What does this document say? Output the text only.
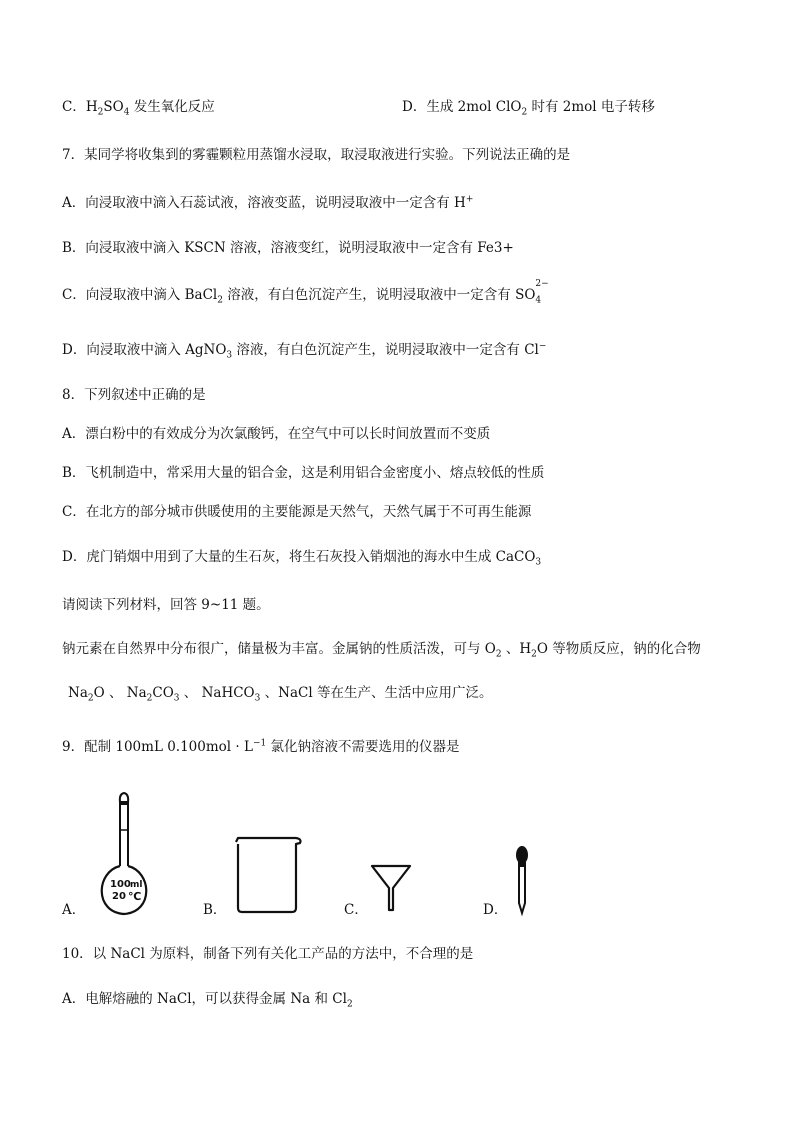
C．$H_2SO_4$ 发生氧化反应	D．生成 2mol ClO$_2$ 时有 2mol 电子转移
7．某同学将收集到的雾霾颗粒用蒸馏水浸取，取浸取液进行实验。下列说法正确的是
A．向浸取液中滴入石蕊试液，溶液变蓝，说明浸取液中一定含有 H+
B．向浸取液中滴入 KSCN 溶液，溶液变红，说明浸取液中一定含有 Fe3+
C．向浸取液中滴入 BaCl$_2$ 溶液，有白色沉淀产生，说明浸取液中一定含有 $SO_4$
2−
D．向浸取液中滴入 AgNO$_3$ 溶液，有白色沉淀产生，说明浸取液中一定含有 Cl−
8．下列叙述中正确的是
A．漂白粉中的有效成分为次氯酸钙，在空气中可以长时间放置而不变质
B．飞机制造中，常采用大量的铝合金，这是利用铝合金密度小、熔点较低的性质
C．在北方的部分城市供暖使用的主要能源是天然气，天然气属于不可再生能源
D．虎门销烟中用到了大量的生石灰，将生石灰投入销烟池的海水中生成 CaCO$_3$
请阅读下列材料，回答 9~11 题。
钠元素在自然界中分布很广，储量极为丰富。金属钠的性质活泼，可与 $O_2$ 、$H_2O$ 等物质反应，钠的化合物
$Na_2O$ 、 $Na_2CO_3$ 、 NaHCO$_3$ 、NaCl 等在生产、生活中应用广泛。
9．配制 100mL $0.100mol \cdot L^{-1}$ 氯化钠溶液不需要选用的仪器是
A．
100 ml
20 ℃
B．	C．	D．
10．以 NaCl 为原料，制备下列有关化工产品的方法中，不合理的是
A．电解熔融的 NaCl，可以获得金属 Na 和 $Cl_2$
